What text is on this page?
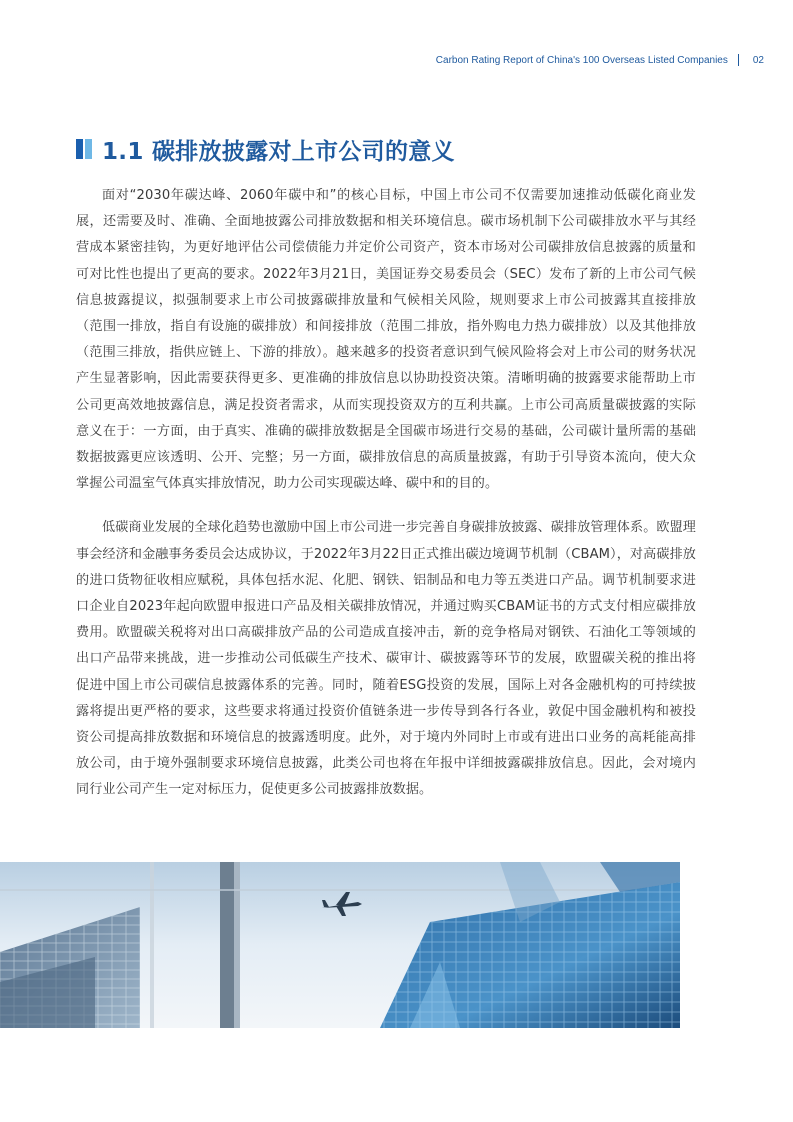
Carbon Rating Report of China's 100 Overseas Listed Companies	02
1.1 碳排放披露对上市公司的意义

面对“2030年碳达峰、2060年碳中和”的核心目标，中国上市公司不仅需要加速推动低碳化商业发展，还需要及时、准确、全面地披露公司排放数据和相关环境信息。碳市场机制下公司碳排放水平与其经营成本紧密挂钩，为更好地评估公司偿债能力并定价公司资产，资本市场对公司碳排放信息披露的质量和可对比性也提出了更高的要求。2022年3月21日，美国证券交易委员会（SEC）发布了新的上市公司气候信息披露提议，拟强制要求上市公司披露碳排放量和气候相关风险，规则要求上市公司披露其直接排放（范围一排放，指自有设施的碳排放）和间接排放（范围二排放，指外购电力热力碳排放）以及其他排放（范围三排放，指供应链上、下游的排放）。越来越多的投资者意识到气候风险将会对上市公司的财务状况产生显著影响，因此需要获得更多、更准确的排放信息以协助投资决策。清晰明确的披露要求能帮助上市公司更高效地披露信息，满足投资者需求，从而实现投资双方的互利共赢。上市公司高质量碳披露的实际意义在于：一方面，由于真实、准确的碳排放数据是全国碳市场进行交易的基础，公司碳计量所需的基础数据披露更应该透明、公开、完整；另一方面，碳排放信息的高质量披露，有助于引导资本流向，使大众掌握公司温室气体真实排放情况，助力公司实现碳达峰、碳中和的目的。

低碳商业发展的全球化趋势也激励中国上市公司进一步完善自身碳排放披露、碳排放管理体系。欧盟理事会经济和金融事务委员会达成协议，于2022年3月22日正式推出碳边境调节机制（CBAM），对高碳排放的进口货物征收相应赋税，具体包括水泥、化肥、钢铁、铝制品和电力等五类进口产品。调节机制要求进口企业自2023年起向欧盟申报进口产品及相关碳排放情况，并通过购买CBAM证书的方式支付相应碳排放费用。欧盟碳关税将对出口高碳排放产品的公司造成直接冲击，新的竞争格局对钢铁、石油化工等领域的出口产品带来挑战，进一步推动公司低碳生产技术、碳审计、碳披露等环节的发展，欧盟碳关税的推出将促进中国上市公司碳信息披露体系的完善。同时，随着ESG投资的发展，国际上对各金融机构的可持续披露将提出更严格的要求，这些要求将通过投资价值链条进一步传导到各行各业，敦促中国金融机构和被投资公司提高排放数据和环境信息的披露透明度。此外，对于境内外同时上市或有进出口业务的高耗能高排放公司，由于境外强制要求环境信息披露，此类公司也将在年报中详细披露碳排放信息。因此，会对境内同行业公司产生一定对标压力，促使更多公司披露排放数据。
